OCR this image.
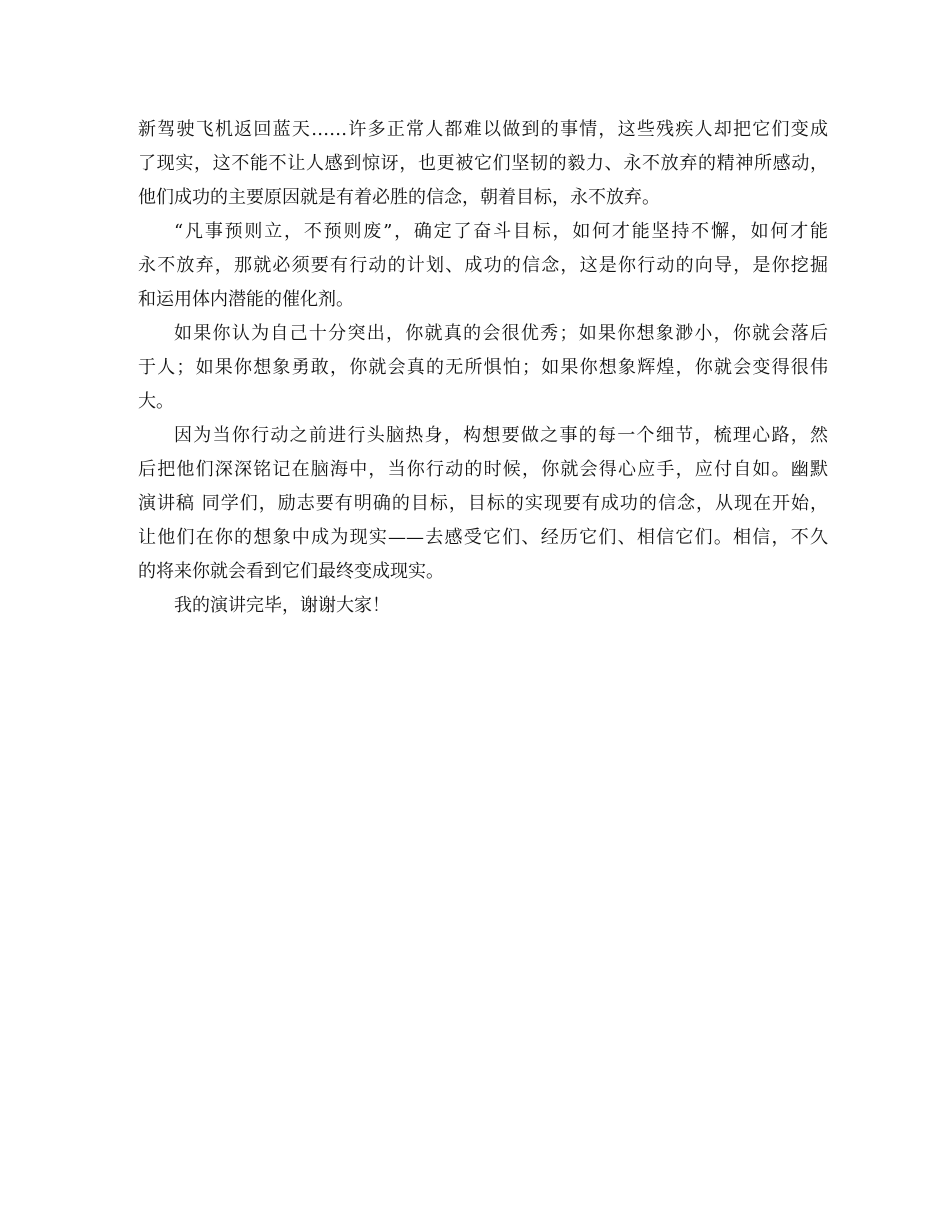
新驾驶飞机返回蓝天……许多正常人都难以做到的事情，这些残疾人却把它们变成
了现实，这不能不让人感到惊讶，也更被它们坚韧的毅力、永不放弃的精神所感动，
他们成功的主要原因就是有着必胜的信念，朝着目标，永不放弃。
“凡事预则立，不预则废”，确定了奋斗目标，如何才能坚持不懈，如何才能
永不放弃，那就必须要有行动的计划、成功的信念，这是你行动的向导，是你挖掘
和运用体内潜能的催化剂。
如果你认为自己十分突出，你就真的会很优秀；如果你想象渺小，你就会落后
于人；如果你想象勇敢，你就会真的无所惧怕；如果你想象辉煌，你就会变得很伟
大。
因为当你行动之前进行头脑热身，构想要做之事的每一个细节，梳理心路，然
后把他们深深铭记在脑海中，当你行动的时候，你就会得心应手，应付自如。幽默
演讲稿 同学们，励志要有明确的目标，目标的实现要有成功的信念，从现在开始，
让他们在你的想象中成为现实——去感受它们、经历它们、相信它们。相信，不久
的将来你就会看到它们最终变成现实。
我的演讲完毕，谢谢大家！
